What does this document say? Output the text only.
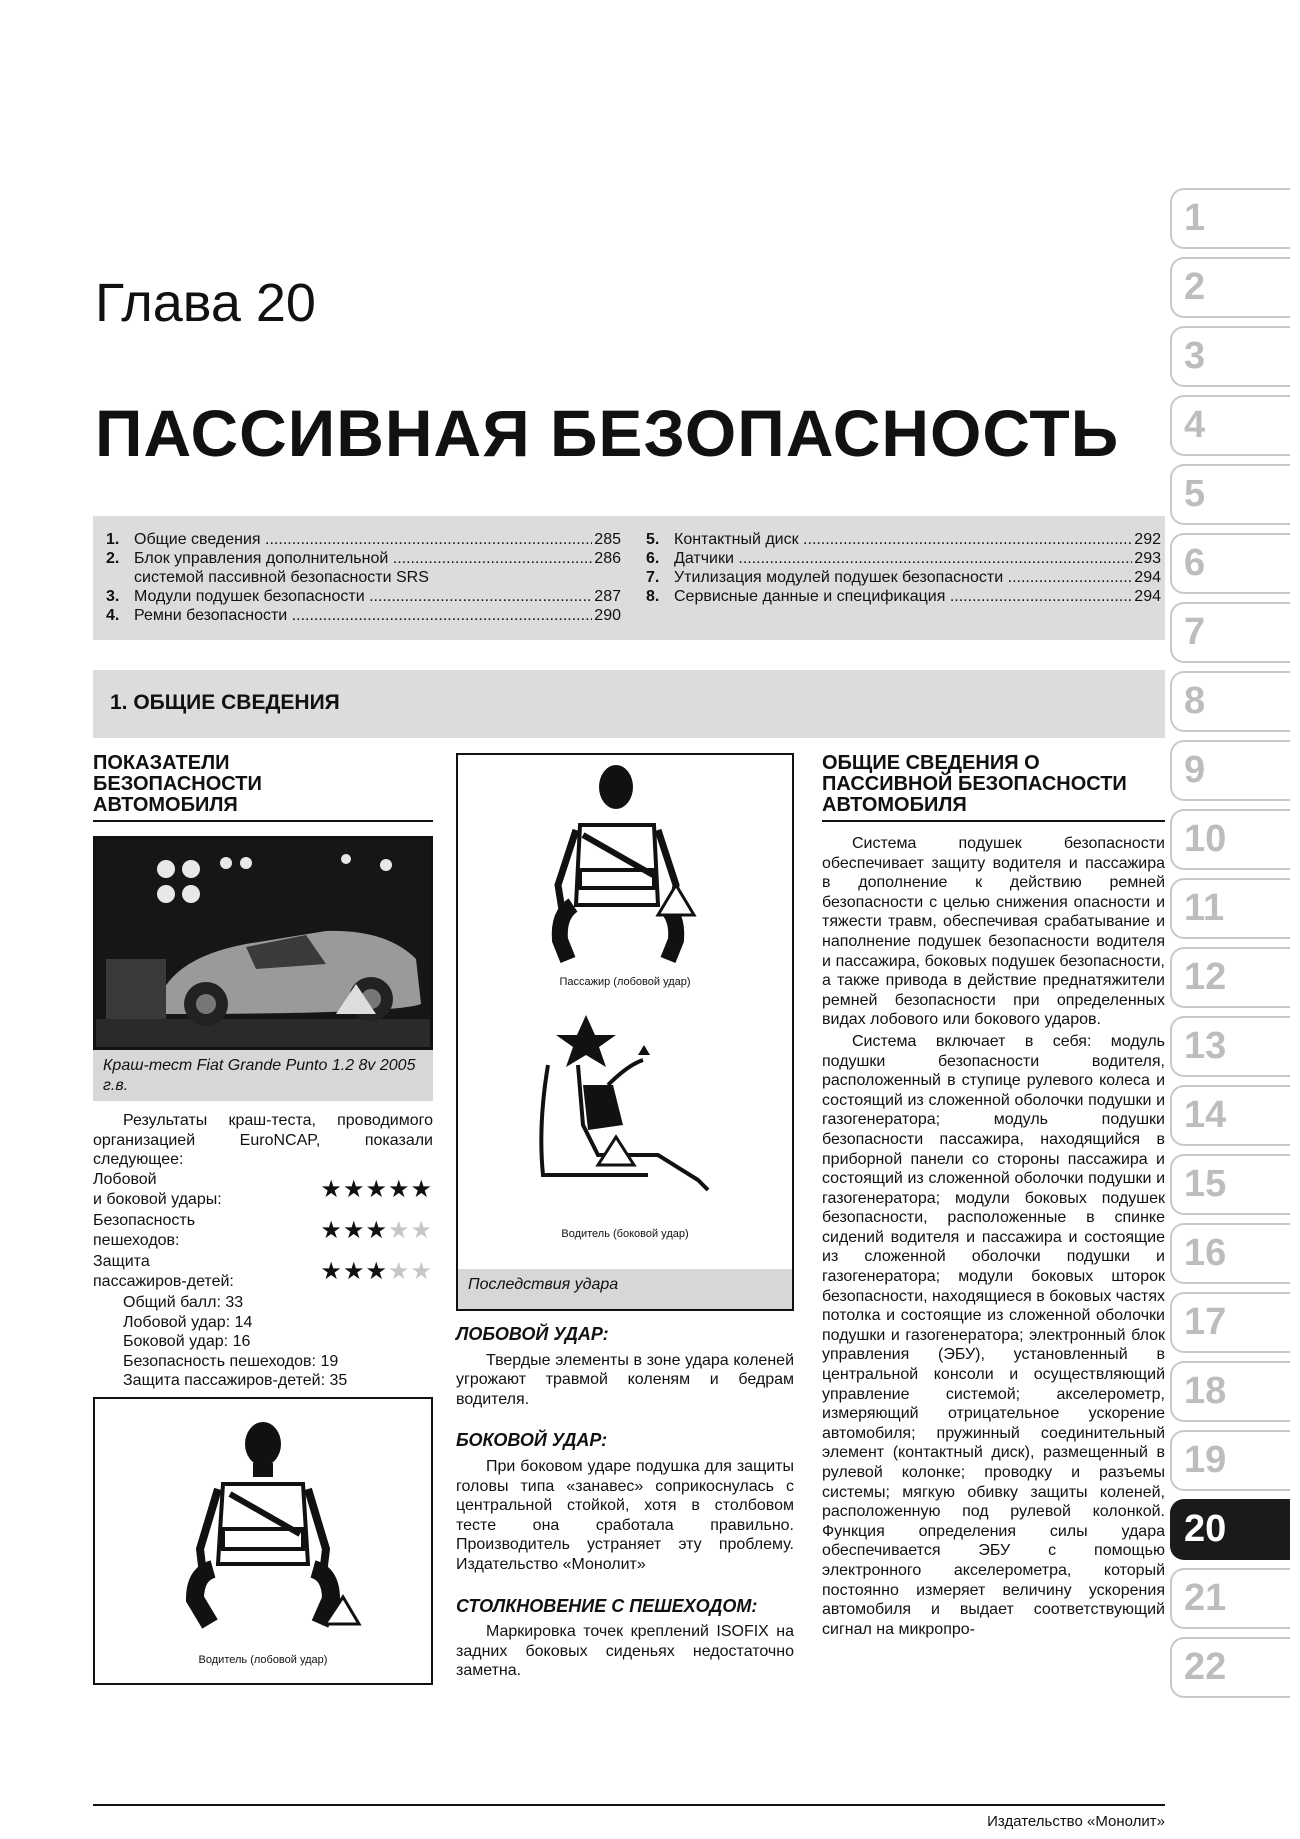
1
2
3
4
5
6
7
8
9
10
11
12
13
14
15
16
17
18
19
20
21
22
Глава 20
ПАССИВНАЯ БЕЗОПАСНОСТЬ
1. Общие сведения .....	285
2. Блок управления дополнительной .....	286
системой пассивной безопасности SRS
3. Модули подушек безопасности .....	287
4. Ремни безопасности .....	290
5. Контактный диск .....	292
6. Датчики .....	293
7. Утилизация модулей подушек безопасности .....	294
8. Сервисные данные и спецификация .....	294
1. ОБЩИЕ СВЕДЕНИЯ
ПОКАЗАТЕЛИ
БЕЗОПАСНОСТИ
АВТОМОБИЛЯ
Краш-тест Fiat Grande Punto 1.2 8v 2005 г.в.

Результаты краш-теста, проводимого организацией EuroNCAP, показали следующее:

Лобовой
и боковой удары:	★★★★★
Безопасность
пешеходов:	★★★★★
Защита
пассажиров-детей:	★★★★★
Общий балл: 33
Лобовой удар: 14
Боковой удар: 16
Безопасность пешеходов: 19
Защита пассажиров-детей: 35
Водитель (лобовой удар)
Пассажир (лобовой удар)
Водитель (боковой удар)
Последствия удара
ЛОБОВОЙ УДАР:

Твердые элементы в зоне удара коленей угрожают травмой коленям и бедрам водителя.

БОКОВОЙ УДАР:

При боковом ударе подушка для защиты головы типа «занавес» соприкоснулась с центральной стойкой, хотя в столбовом тесте она сработала правильно. Производитель устраняет эту проблему. Издательство «Монолит»

СТОЛКНОВЕНИЕ С ПЕШЕХОДОМ:

Маркировка точек креплений ISOFIX на задних боковых сиденьях недостаточно заметна.

ОБЩИЕ СВЕДЕНИЯ О
ПАССИВНОЙ БЕЗОПАСНОСТИ
АВТОМОБИЛЯ

Система подушек безопасности обеспечивает защиту водителя и пассажира в дополнение к действию ремней безопасности с целью снижения опасности и тяжести травм, обеспечивая срабатывание и наполнение подушек безопасности водителя и пассажира, боковых подушек безопасности, а также привода в действие преднатяжители ремней безопасности при определенных видах лобового или бокового ударов.

Система включает в себя: модуль подушки безопасности водителя, расположенный в ступице рулевого колеса и состоящий из сложенной оболочки подушки и газогенератора; модуль подушки безопасности пассажира, находящийся в приборной панели со стороны пассажира и состоящий из сложенной оболочки подушки и газогенератора; модули боковых подушек безопасности, расположенные в спинке сидений водителя и пассажира и состоящие из сложенной оболочки подушки и газогенератора; модули боковых шторок безопасности, находящиеся в боковых частях потолка и состоящие из сложенной оболочки подушки и газогенератора; электронный блок управления (ЭБУ), установленный в центральной консоли и осуществляющий управление системой; акселерометр, измеряющий отрицательное ускорение автомобиля; пружинный соединительный элемент (контактный диск), размещенный в рулевой колонке; проводку и разъемы системы; мягкую обивку защиты коленей, расположенную под рулевой колонкой. Функция определения силы удара обеспечивается ЭБУ с помощью электронного акселерометра, который постоянно измеряет величину ускорения автомобиля и выдает соответствующий сигнал на микропро-

Издательство «Монолит»
